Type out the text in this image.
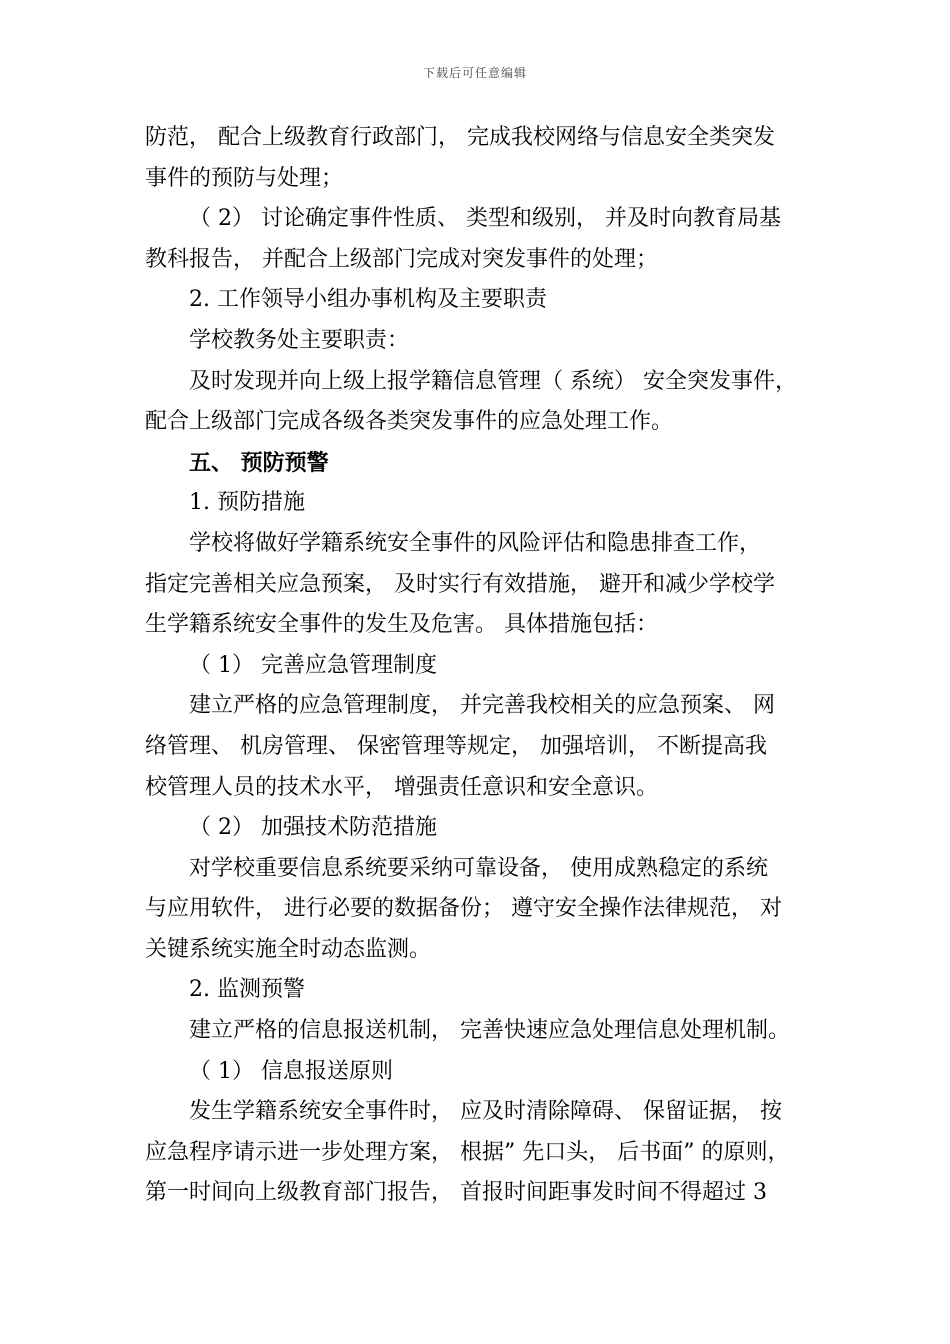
下载后可任意编辑
防范， 配合上级教育行政部门， 完成我校网络与信息安全类突发
事件的预防与处理；
（ 2） 讨论确定事件性质、 类型和级别， 并及时向教育局基
教科报告， 并配合上级部门完成对突发事件的处理；
2. 工作领导小组办事机构及主要职责
学校教务处主要职责：
及时发现并向上级上报学籍信息管理（ 系统） 安全突发事件，
配合上级部门完成各级各类突发事件的应急处理工作。
五、 预防预警
1. 预防措施
学校将做好学籍系统安全事件的风险评估和隐患排查工作，
指定完善相关应急预案， 及时实行有效措施， 避开和减少学校学
生学籍系统安全事件的发生及危害。 具体措施包括：
（ 1） 完善应急管理制度
建立严格的应急管理制度， 并完善我校相关的应急预案、 网
络管理、 机房管理、 保密管理等规定， 加强培训， 不断提高我
校管理人员的技术水平， 增强责任意识和安全意识。
（ 2） 加强技术防范措施
对学校重要信息系统要采纳可靠设备， 使用成熟稳定的系统
与应用软件， 进行必要的数据备份； 遵守安全操作法律规范， 对
关键系统实施全时动态监测。
2. 监测预警
建立严格的信息报送机制， 完善快速应急处理信息处理机制。
（ 1） 信息报送原则
发生学籍系统安全事件时， 应及时清除障碍、 保留证据， 按
应急程序请示进一步处理方案， 根据” 先口头， 后书面” 的原则，
第一时间向上级教育部门报告， 首报时间距事发时间不得超过 3
